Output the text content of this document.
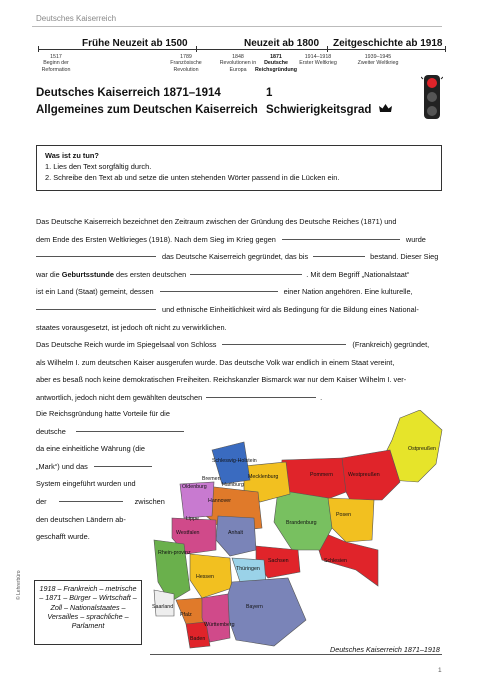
Deutsches Kaiserreich
Frühe Neuzeit ab 1500	Neuzeit ab 1800 Zeitgeschichte ab 1918
1517
Beginn der Reformation
1789
Französische Revolution
1848
Revolutionen in Europa
1871
Deutsche Reichsgründung
1914–1918
Erster Weltkrieg
1939–1945
Zweiter Weltkrieg
Deutsches Kaiserreich 1871–1914
Allgemeines zum Deutschen Kaiserreich
1
Schwierigkeitsgrad
Was ist zu tun?
1. Lies den Text sorgfältig durch.
2. Schreibe den Text ab und setze die unten stehenden Wörter passend in die Lücken ein.
Das Deutsche Kaiserreich bezeichnet den Zeitraum zwischen der Gründung des Deutsche Reiches (1871) und
dem Ende des Ersten Weltkrieges (1918). Nach dem Sieg im Krieg gegen	wurde
das Deutsche Kaiserreich gegründet, das bis	bestand. Dieser Sieg
war die
Geburtsstunde
des ersten deutschen	. Mit dem Begriff „Nationalstaat“
ist ein Land (Staat) gemeint, dessen	einer Nation angehören. Eine kulturelle,
und ethnische Einheitlichkeit wird als Bedingung für die Bildung eines National-
staates vorausgesetzt, ist jedoch oft nicht zu verwirklichen.
Das Deutsche Reich wurde im Spiegelsaal von Schloss	(Frankreich) gegründet,
als Wilhelm I. zum deutschen Kaiser ausgerufen wurde. Das deutsche Volk war endlich in einem Staat vereint,
aber es besaß noch keine demokratischen Freiheiten. Reichskanzler Bismarck war nur dem Kaiser Wilhelm I. ver-
antwortlich, jedoch nicht dem gewählten deutschen	.
Die Reichsgründung hatte Vorteile für die
deutsche
da eine einheitliche Währung (die
„Mark“) und das
System eingeführt wurden und
der	zwischen
den deutschen Ländern ab-
geschafft wurde.
1918 – Frankreich – metrische – 1871 – Bürger – Wirtschaft – Zoll – Nationalstaates – Versailles – sprachliche – Parlament
Ostpreußen
Westpreußen
Pommern
Posen
Schlesien
Brandenburg
Mecklenburg
Schleswig-Holstein
Hannover
Oldenburg
Bremen
Hamburg
Lippe
Westfalen	Anhalt
Sachsen
Thüringen
Rhein-provinz
Hessen
Saarland
Pfalz
Bayern
Württemberg
Baden
Deutsches Kaiserreich 1871–1918
1
© Lehrerbüro
